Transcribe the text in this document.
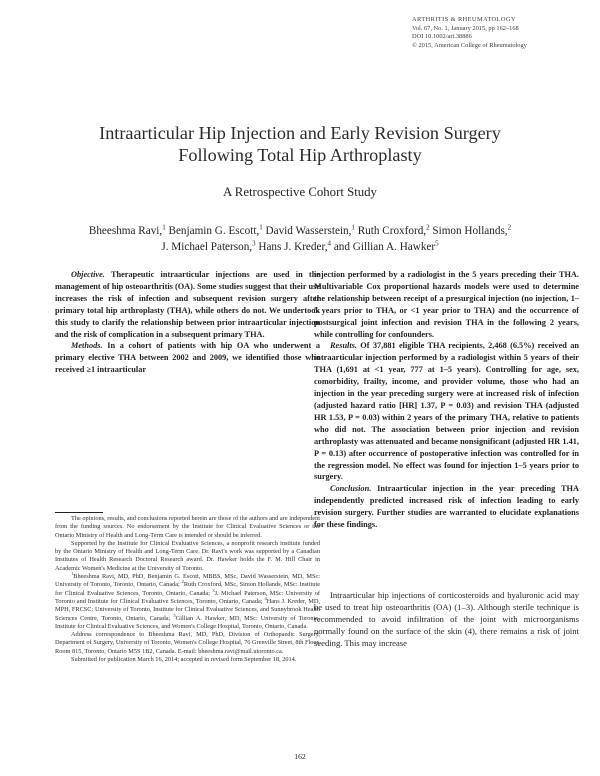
ARTHRITIS & RHEUMATOLOGY
Vol. 67, No. 1, January 2015, pp 162–168
DOI 10.1002/art.38886
© 2015, American College of Rheumatology
Intraarticular Hip Injection and Early Revision Surgery
Following Total Hip Arthroplasty
A Retrospective Cohort Study
Bheeshma Ravi,$^1$ Benjamin G. Escott,$^1$ David Wasserstein,$^1$ Ruth Croxford,$^2$ Simon Hollands,$^2$
J. Michael Paterson,$^3$ Hans J. Kreder,$^4$ and Gillian A. Hawker$^5$

Objective. Therapeutic intraarticular injections are used in the management of hip osteoarthritis (OA). Some studies suggest that their use increases the risk of infection and subsequent revision surgery after primary total hip arthroplasty (THA), while others do not. We undertook this study to clarify the relationship between prior intraarticular injection and the risk of complication in a subsequent primary THA.

Methods. In a cohort of patients with hip OA who underwent a primary elective THA between 2002 and 2009, we identified those who received ≥1 intraarticular

injection performed by a radiologist in the 5 years preceding their THA. Multivariable Cox proportional hazards models were used to determine the relationship between receipt of a presurgical injection (no injection, 1–5 years prior to THA, or <1 year prior to THA) and the occurrence of postsurgical joint infection and revision THA in the following 2 years, while controlling for confounders.

Results. Of 37,881 eligible THA recipients, 2,468 (6.5%) received an intraarticular injection performed by a radiologist within 5 years of their THA (1,691 at <1 year, 777 at 1–5 years). Controlling for age, sex, comorbidity, frailty, income, and provider volume, those who had an injection in the year preceding surgery were at increased risk of infection (adjusted hazard ratio [HR] 1.37, P = 0.03) and revision THA (adjusted HR 1.53, P = 0.03) within 2 years of the primary THA, relative to patients who did not. The association between prior injection and revision arthroplasty was attenuated and became nonsignificant (adjusted HR 1.41, P = 0.13) after occurrence of postoperative infection was controlled for in the regression model. No effect was found for injection 1–5 years prior to surgery.

Conclusion. Intraarticular injection in the year preceding THA independently predicted increased risk of infection leading to early revision surgery. Further studies are warranted to elucidate explanations for these findings.

The opinions, results, and conclusions reported herein are those of the authors and are independent from the funding sources. No endorsement by the Institute for Clinical Evaluative Sciences or the Ontario Ministry of Health and Long-Term Care is intended or should be inferred.

Supported by the Institute for Clinical Evaluative Sciences, a nonprofit research institute funded by the Ontario Ministry of Health and Long-Term Care. Dr. Ravi's work was supported by a Canadian Institutes of Health Research Doctoral Research award. Dr. Hawker holds the F. M. Hill Chair in Academic Women's Medicine at the University of Toronto.

$^1$Bheeshma Ravi, MD, PhD, Benjamin G. Escott, MBBS, MSc, David Wasserstein, MD, MSc: University of Toronto, Toronto, Ontario, Canada; $^2$Ruth Croxford, MSc, Simon Hollands, MSc: Institute for Clinical Evaluative Sciences, Toronto, Ontario, Canada; $^3$J. Michael Paterson, MSc: University of Toronto and Institute for Clinical Evaluative Sciences, Toronto, Ontario, Canada; $^4$Hans J. Kreder, MD, MPH, FRCSC: University of Toronto, Institute for Clinical Evaluative Sciences, and Sunnybrook Health Sciences Centre, Toronto, Ontario, Canada; $^5$Gillian A. Hawker, MD, MSc: University of Toronto, Institute for Clinical Evaluative Sciences, and Women's College Hospital, Toronto, Ontario, Canada.

Address correspondence to Bheeshma Ravi, MD, PhD, Division of Orthopaedic Surgery, Department of Surgery, University of Toronto, Women's College Hospital, 76 Grenville Street, 8th Floor, Room 815, Toronto, Ontario M5S 1B2, Canada. E-mail: bheeshma.ravi@mail.utoronto.ca.

Submitted for publication March 16, 2014; accepted in revised form September 18, 2014.

Intraarticular hip injections of corticosteroids and hyaluronic acid may be used to treat hip osteoarthritis (OA) (1–3). Although sterile technique is recommended to avoid infiltration of the joint with microorganisms normally found on the surface of the skin (4), there remains a risk of joint seeding. This may increase

162
